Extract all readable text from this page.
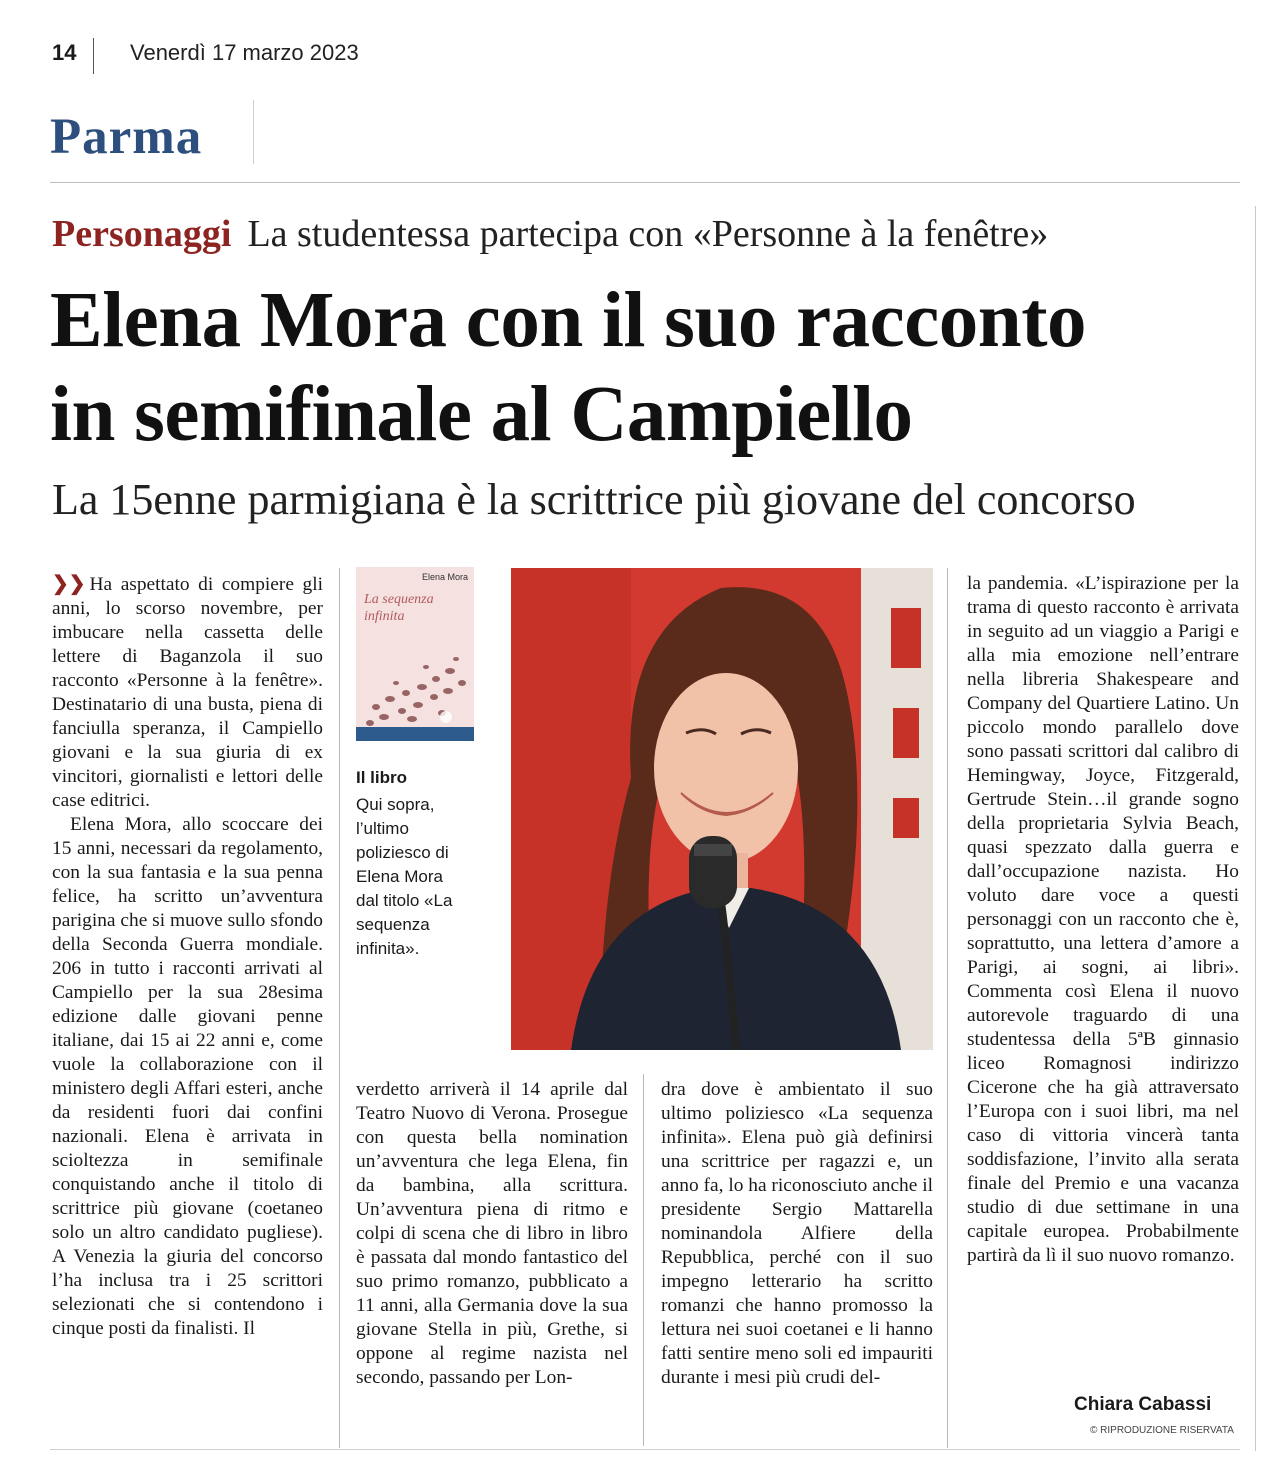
14 Venerdì 17 marzo 2023
Parma
Personaggi La studentessa partecipa con «Personne à la fenêtre»
Elena Mora con il suo racconto
in semifinale al Campiello
La 15enne parmigiana è la scrittrice più giovane del concorso

❯❯ Ha aspettato di compiere gli anni, lo scorso novembre, per imbucare nella cassetta delle lettere di Baganzola il suo racconto «Personne à la fenêtre». Destinatario di una busta, piena di fanciulla speranza, il Campiello giovani e la sua giuria di ex vincitori, giornalisti e lettori delle case editrici.

Elena Mora, allo scoccare dei 15 anni, necessari da regolamento, con la sua fantasia e la sua penna felice, ha scritto un’avventura parigina che si muove sullo sfondo della Seconda Guerra mondiale. 206 in tutto i racconti arrivati al Campiello per la sua 28esima edizione dalle giovani penne italiane, dai 15 ai 22 anni e, come vuole la collaborazione con il ministero degli Affari esteri, anche da residenti fuori dai confini nazionali. Elena è arrivata in scioltezza in semifinale conquistando anche il titolo di scrittrice più giovane (coetaneo solo un altro candidato pugliese). A Venezia la giuria del concorso l’ha inclusa tra i 25 scrittori selezionati che si contendono i cinque posti da finalisti. Il

Elena Mora
La sequenza infinita
Il libro
Qui sopra, l’ultimo poliziesco di Elena Mora dal titolo «La sequenza infinita».

verdetto arriverà il 14 aprile dal Teatro Nuovo di Verona. Prosegue con questa bella nomination un’avventura che lega Elena, fin da bambina, alla scrittura. Un’avventura piena di ritmo e colpi di scena che di libro in libro è passata dal mondo fantastico del suo primo romanzo, pubblicato a 11 anni, alla Germania dove la sua giovane Stella in più, Grethe, si oppone al regime nazista nel secondo, passando per Lon-

dra dove è ambientato il suo ultimo poliziesco «La sequenza infinita». Elena può già definirsi una scrittrice per ragazzi e, un anno fa, lo ha riconosciuto anche il presidente Sergio Mattarella nominandola Alfiere della Repubblica, perché con il suo impegno letterario ha scritto romanzi che hanno promosso la lettura nei suoi coetanei e li hanno fatti sentire meno soli ed impauriti durante i mesi più crudi del-

la pandemia. «L’ispirazione per la trama di questo racconto è arrivata in seguito ad un viaggio a Parigi e alla mia emozione nell’entrare nella libreria Shakespeare and Company del Quartiere Latino. Un piccolo mondo parallelo dove sono passati scrittori dal calibro di Hemingway, Joyce, Fitzgerald, Gertrude Stein…il grande sogno della proprietaria Sylvia Beach, quasi spezzato dalla guerra e dall’occupazione nazista. Ho voluto dare voce a questi personaggi con un racconto che è, soprattutto, una lettera d’amore a Parigi, ai sogni, ai libri». Commenta così Elena il nuovo autorevole traguardo di una studentessa della 5ªB ginnasio liceo Romagnosi indirizzo Cicerone che ha già attraversato l’Europa con i suoi libri, ma nel caso di vittoria vincerà tanta soddisfazione, l’invito alla serata finale del Premio e una vacanza studio di due settimane in una capitale europea. Probabilmente partirà da lì il suo nuovo romanzo.

Chiara Cabassi
© RIPRODUZIONE RISERVATA
